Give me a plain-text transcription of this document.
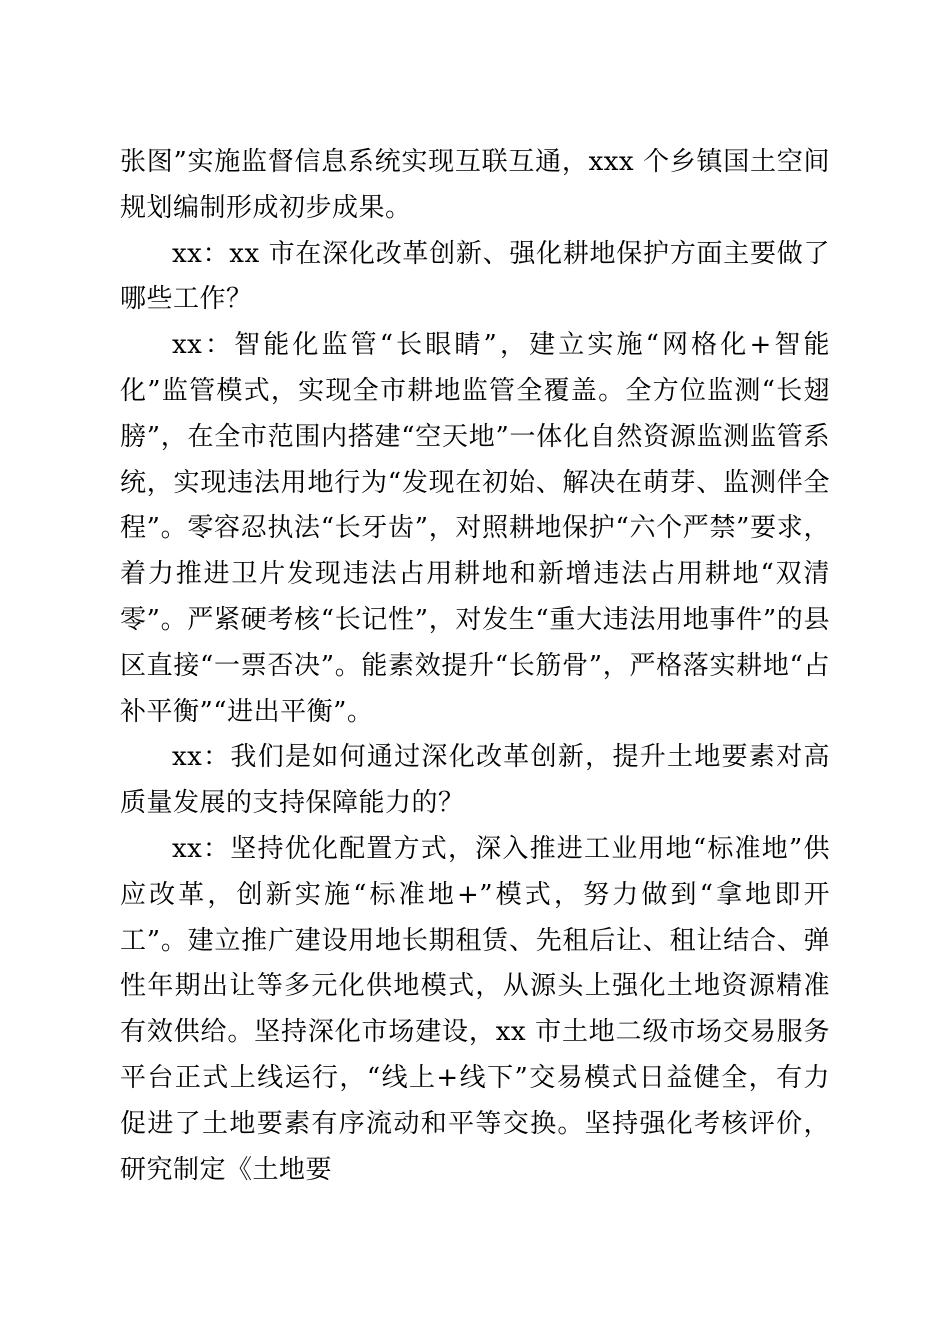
张图”实施监督信息系统实现互联互通，xxx 个乡镇国土空间规划编制形成初步成果。

xx：xx 市在深化改革创新、强化耕地保护方面主要做了哪些工作？

xx：智能化监管“长眼睛”，建立实施“网格化+智能化”监管模式，实现全市耕地监管全覆盖。全方位监测“长翅膀”，在全市范围内搭建“空天地”一体化自然资源监测监管系统，实现违法用地行为“发现在初始、解决在萌芽、监测伴全程”。零容忍执法“长牙齿”，对照耕地保护“六个严禁”要求，着力推进卫片发现违法占用耕地和新增违法占用耕地“双清零”。严紧硬考核“长记性”，对发生“重大违法用地事件”的县区直接“一票否决”。能素效提升“长筋骨”，严格落实耕地“占补平衡”“进出平衡”。

xx：我们是如何通过深化改革创新，提升土地要素对高质量发展的支持保障能力的？

xx：坚持优化配置方式，深入推进工业用地“标准地”供应改革，创新实施“标准地+”模式，努力做到“拿地即开工”。建立推广建设用地长期租赁、先租后让、租让结合、弹性年期出让等多元化供地模式，从源头上强化土地资源精准有效供给。坚持深化市场建设，xx 市土地二级市场交易服务平台正式上线运行，“线上+线下”交易模式日益健全，有力促进了土地要素有序流动和平等交换。坚持强化考核评价，研究制定《土地要
